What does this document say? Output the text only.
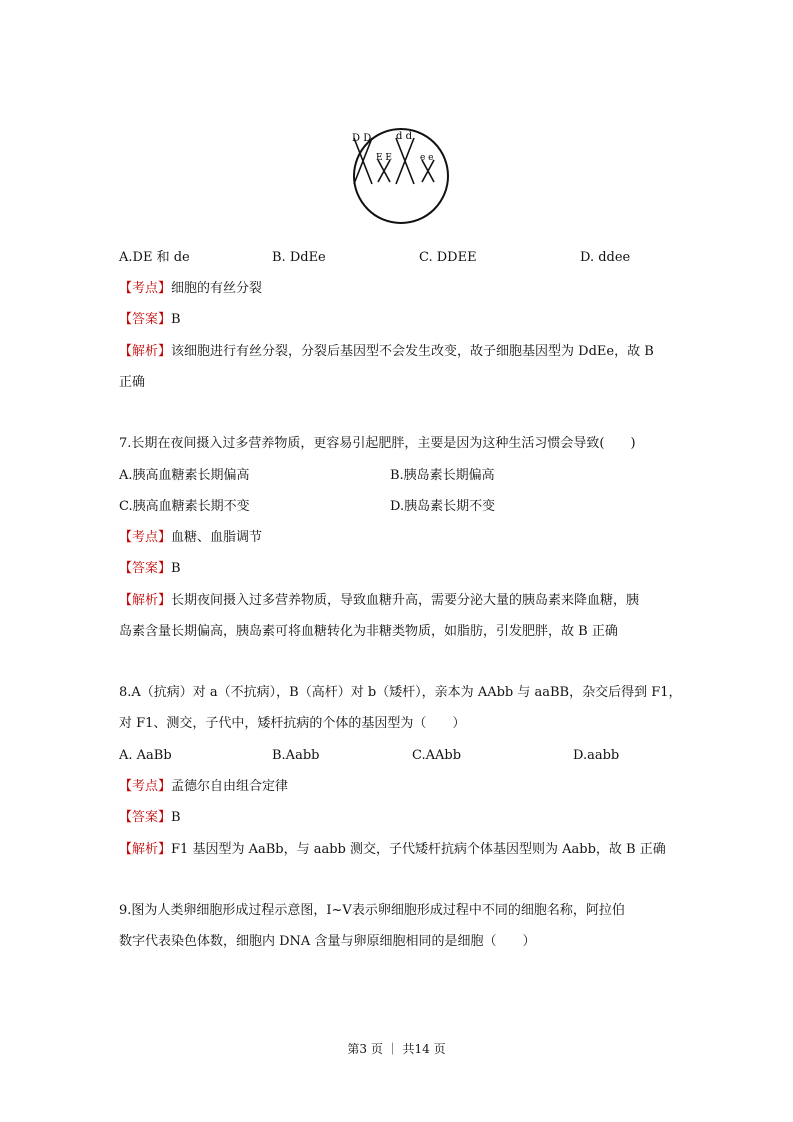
D D d d
E E	e e
A.DE 和 de	B. DdEe	C. DDEE	D. ddee
【考点】细胞的有丝分裂
【答案】B
【解析】该细胞进行有丝分裂，分裂后基因型不会发生改变，故子细胞基因型为 DdEe，故 B
正确
7.长期在夜间摄入过多营养物质，更容易引起肥胖，主要是因为这种生活习惯会导致(　　)
A.胰高血糖素长期偏高	B.胰岛素长期偏高
C.胰高血糖素长期不变	D.胰岛素长期不变
【考点】血糖、血脂调节
【答案】B
【解析】长期夜间摄入过多营养物质，导致血糖升高，需要分泌大量的胰岛素来降血糖，胰
岛素含量长期偏高，胰岛素可将血糖转化为非糖类物质，如脂肪，引发肥胖，故 B 正确
8.A（抗病）对 a（不抗病），B（高杆）对 b（矮杆），亲本为 AAbb 与 aaBB，杂交后得到 F1，
对 F1、测交，子代中，矮杆抗病的个体的基因型为（　　）
A. AaBb	B.Aabb	C.AAbb	D.aabb
【考点】孟德尔自由组合定律
【答案】B
【解析】F1 基因型为 AaBb，与 aabb 测交，子代矮杆抗病个体基因型则为 Aabb，故 B 正确
9.图为人类卵细胞形成过程示意图，Ⅰ~Ⅴ表示卵细胞形成过程中不同的细胞名称，阿拉伯
数字代表染色体数，细胞内 DNA 含量与卵原细胞相同的是细胞（　　）
第3 页 ｜ 共14 页
